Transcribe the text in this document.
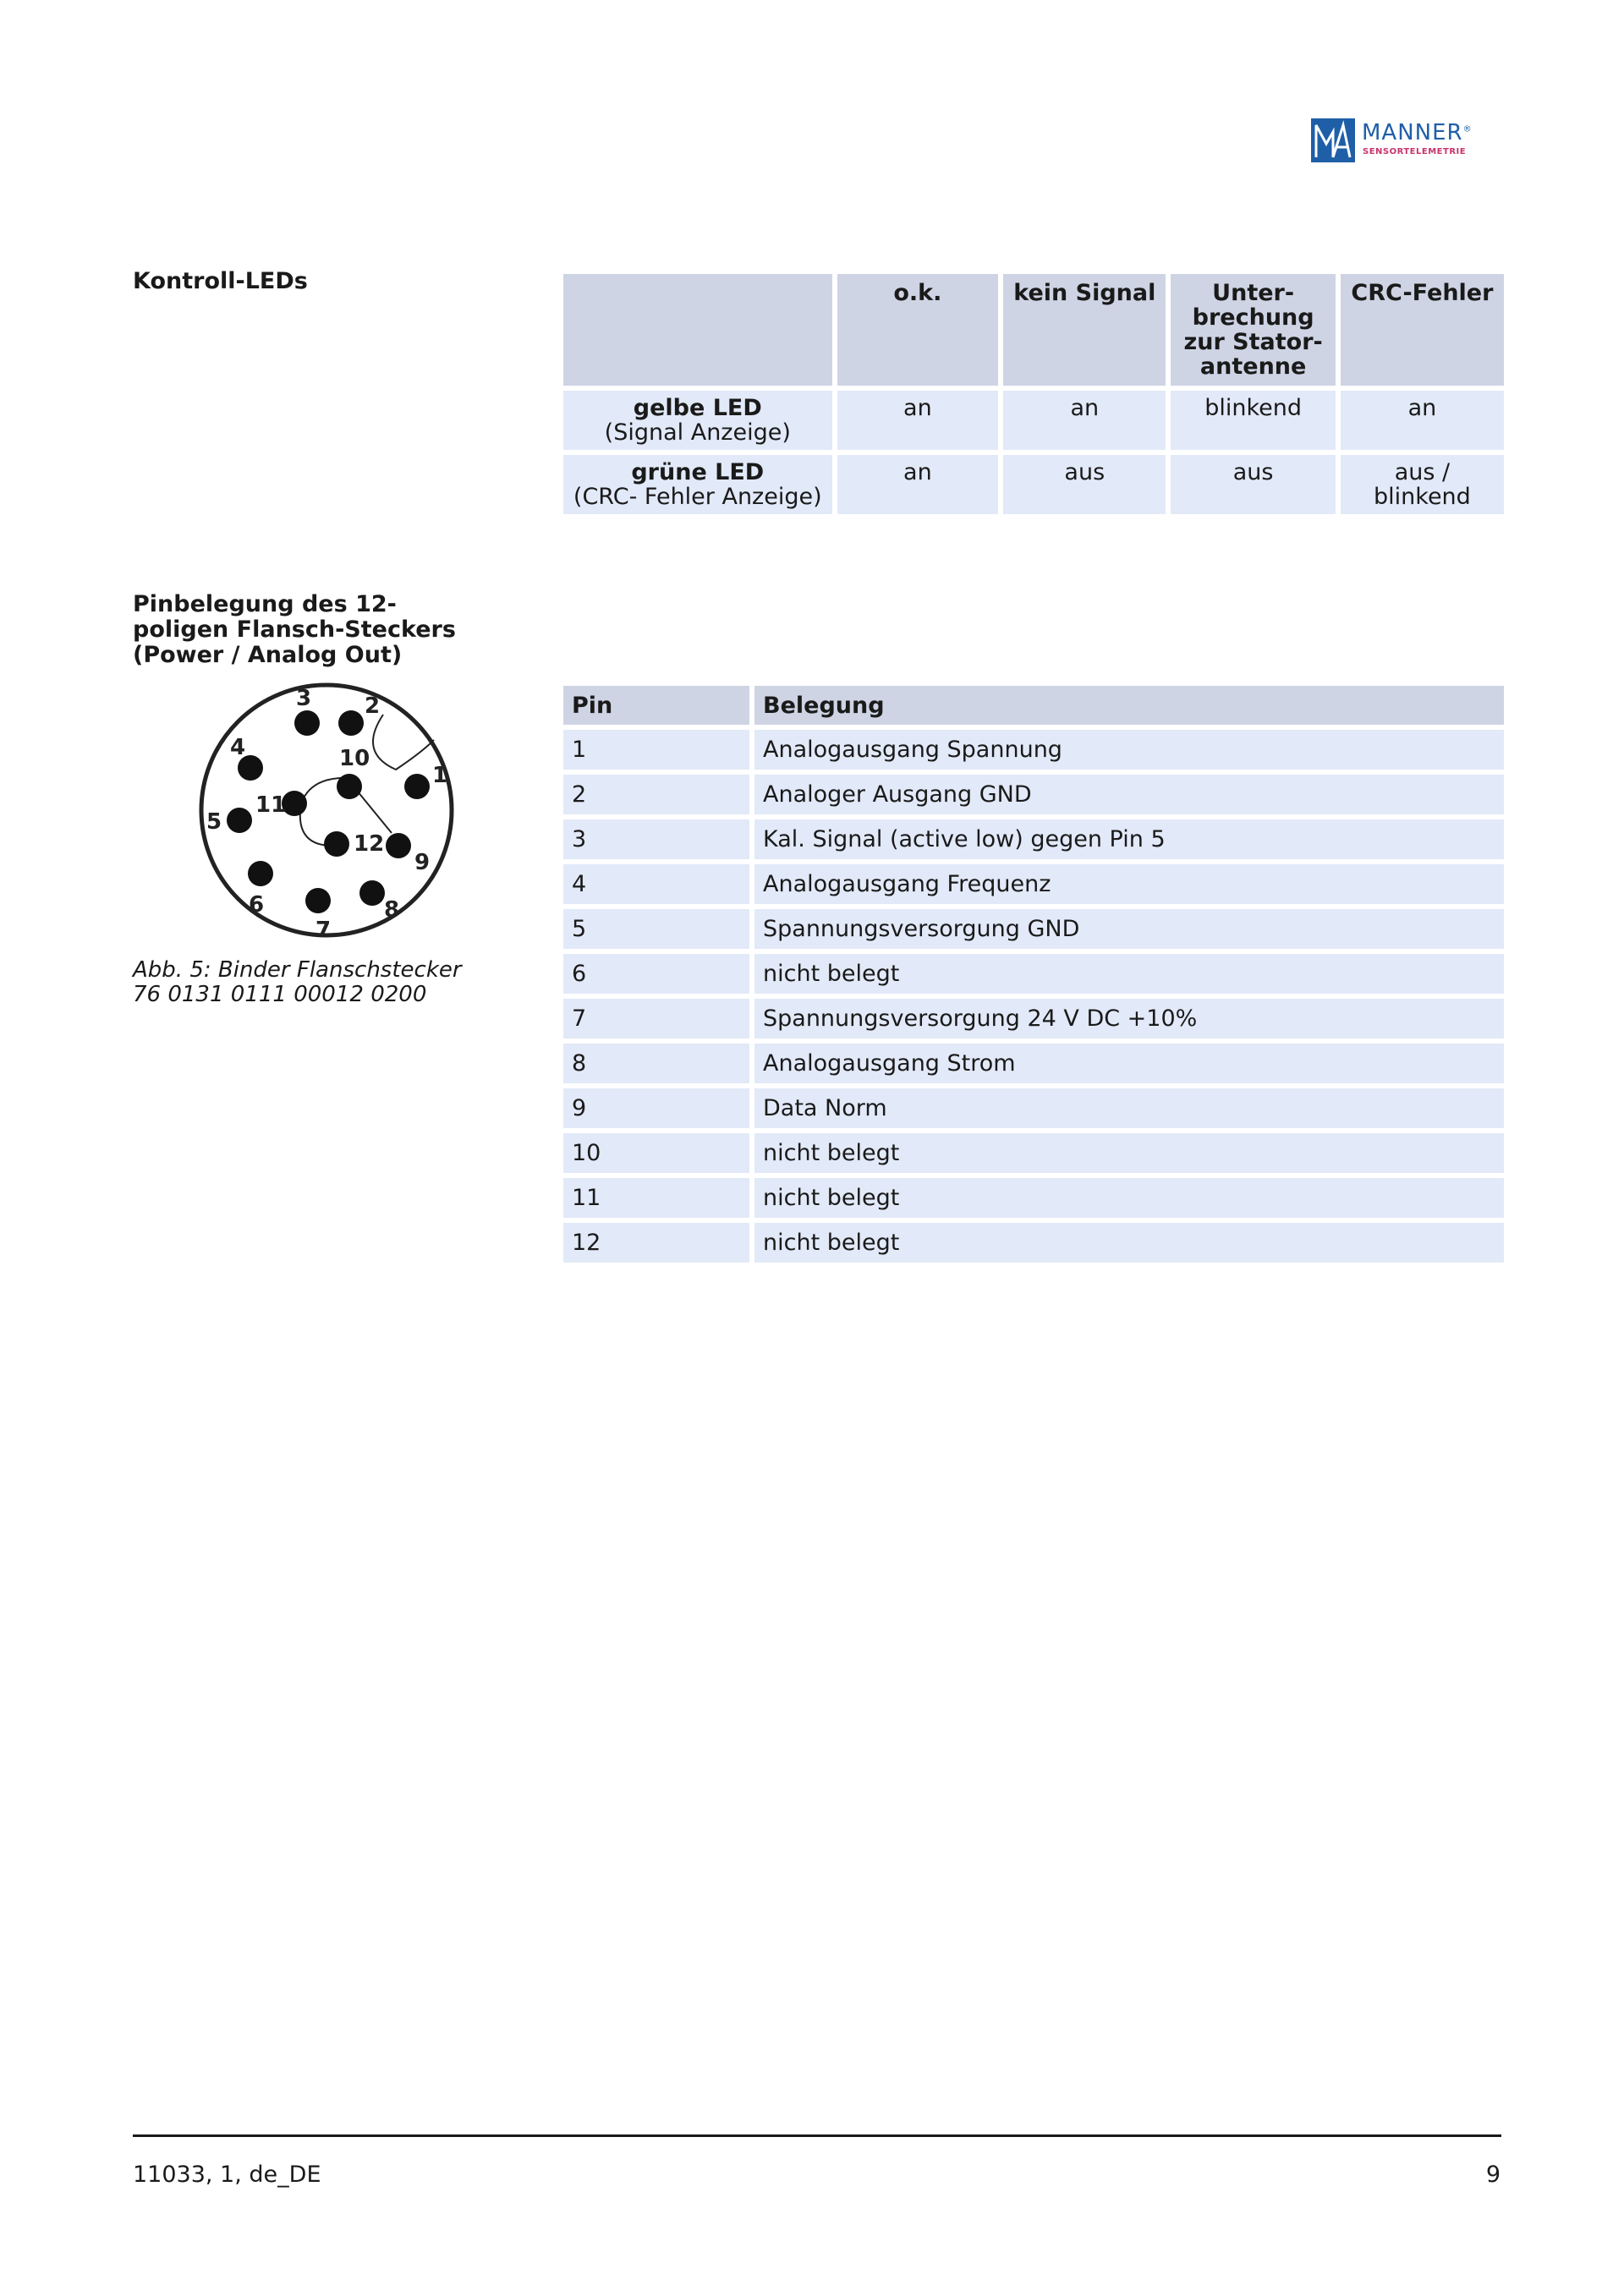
MANNER®
SENSORTELEMETRIE
Kontroll-LEDs
		o.k.	kein Signal	Unter-brechung zur Stator-antenne	CRC-Fehler

gelbe LED
(Signal Anzeige)	an	an	blinkend	an

grüne LED
(CRC- Fehler Anzeige)	an	aus	aus	aus / blinkend
Pinbelegung des 12-poligen Flansch-Steckers (Power / Analog Out)
1
2
3
4
5
6
7
8
9
10
11
12
Abb. 5: Binder Flanschstecker
76 0131 0111 00012 0200
Pin	Belegung
1	Analogausgang Spannung
2	Analoger Ausgang GND
3	Kal. Signal (active low) gegen Pin 5
4	Analogausgang Frequenz
5	Spannungsversorgung GND
6	nicht belegt
7	Spannungsversorgung 24 V DC +10%
8	Analogausgang Strom
9	Data Norm
10	nicht belegt
11	nicht belegt
12	nicht belegt
11033, 1, de_DE	9
